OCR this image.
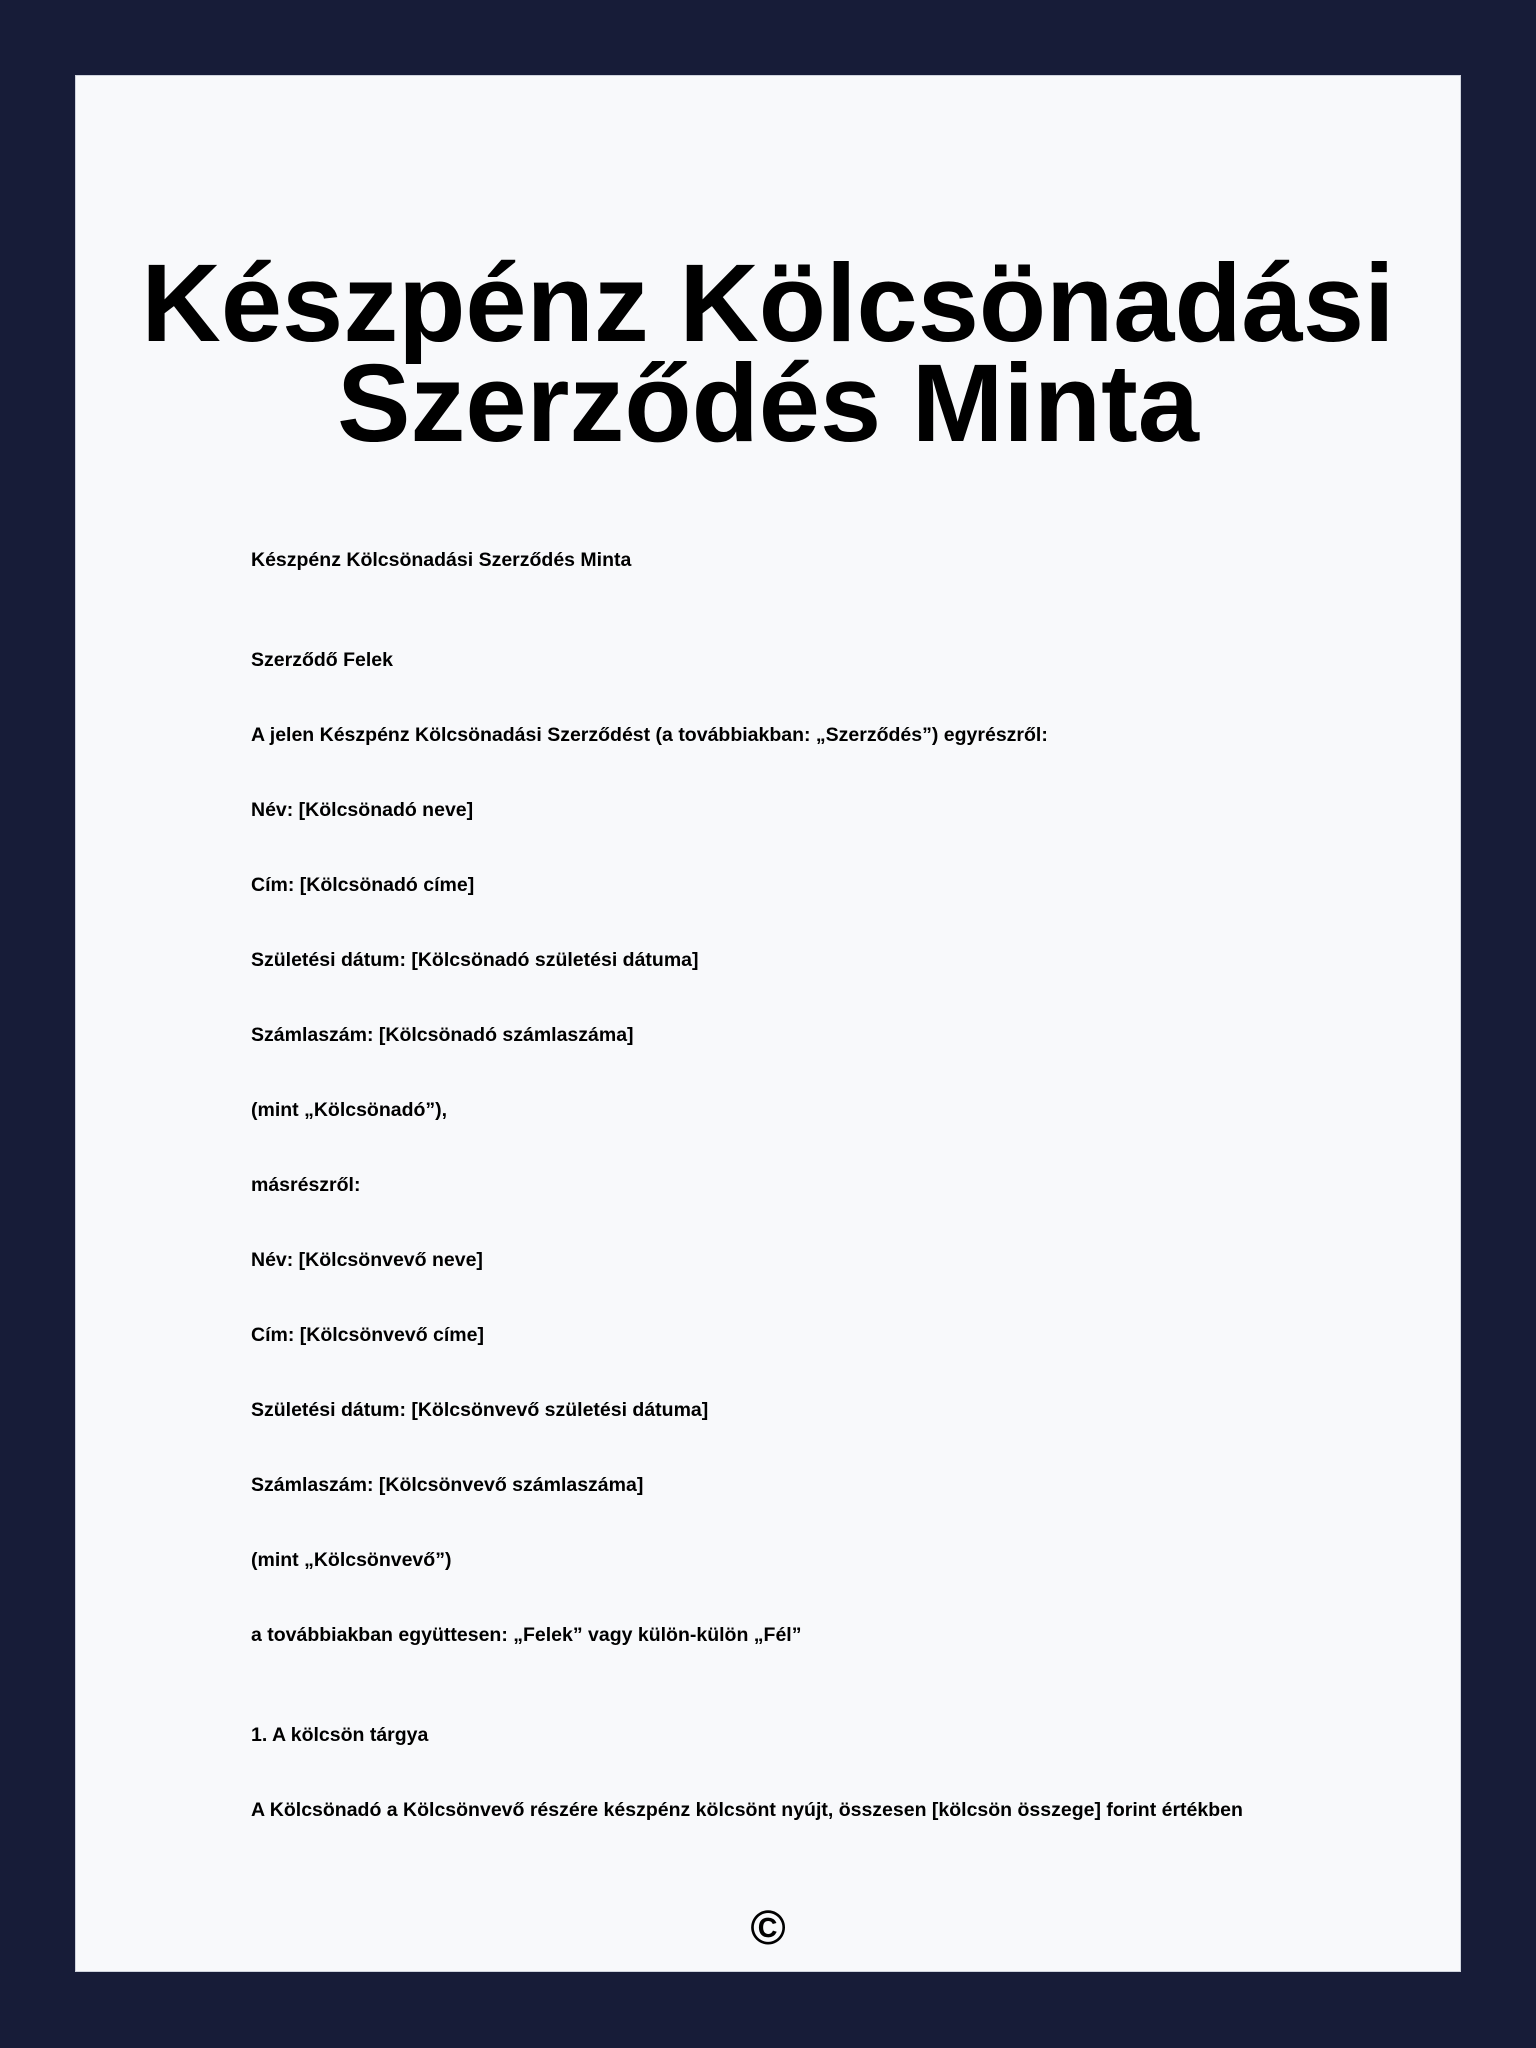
Készpénz Kölcsönadási Szerződés Minta

Készpénz Kölcsönadási Szerződés Minta

Szerződő Felek

A jelen Készpénz Kölcsönadási Szerződést (a továbbiakban: „Szerződés”) egyrészről:

Név: [Kölcsönadó neve]

Cím: [Kölcsönadó címe]

Születési dátum: [Kölcsönadó születési dátuma]

Számlaszám: [Kölcsönadó számlaszáma]

(mint „Kölcsönadó”),

másrészről:

Név: [Kölcsönvevő neve]

Cím: [Kölcsönvevő címe]

Születési dátum: [Kölcsönvevő születési dátuma]

Számlaszám: [Kölcsönvevő számlaszáma]

(mint „Kölcsönvevő”)

a továbbiakban együttesen: „Felek” vagy külön-külön „Fél”

1. A kölcsön tárgya

A Kölcsönadó a Kölcsönvevő részére készpénz kölcsönt nyújt, összesen [kölcsön összege] forint értékben

©
